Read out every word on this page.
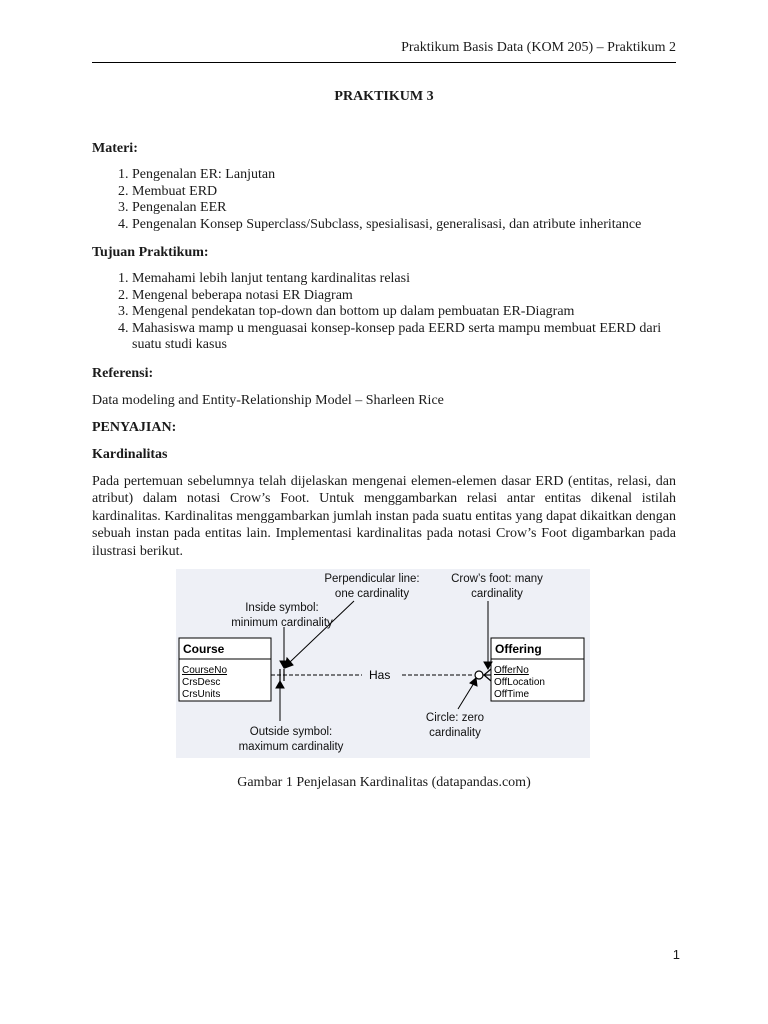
Praktikum Basis Data (KOM 205) – Praktikum 2
PRAKTIKUM 3
Materi:
1. Pengenalan ER: Lanjutan
2. Membuat ERD
3. Pengenalan EER
4. Pengenalan Konsep Superclass/Subclass, spesialisasi, generalisasi, dan atribute inheritance
Tujuan Praktikum:
1. Memahami lebih lanjut tentang kardinalitas relasi
2. Mengenal beberapa notasi ER Diagram
3. Mengenal pendekatan top-down dan bottom up dalam pembuatan ER-Diagram
4. Mahasiswa mamp u menguasai konsep-konsep pada EERD serta mampu membuat EERD dari suatu studi kasus
Referensi:

Data modeling and Entity-Relationship Model – Sharleen Rice

PENYAJIAN:
Kardinalitas

Pada pertemuan sebelumnya telah dijelaskan mengenai elemen-elemen dasar ERD (entitas, relasi, dan atribut) dalam notasi Crow’s Foot. Untuk menggambarkan relasi antar entitas dikenal istilah kardinalitas. Kardinalitas menggambarkan jumlah instan pada suatu entitas yang dapat dikaitkan dengan sebuah instan pada entitas lain. Implementasi kardinalitas pada notasi Crow’s Foot digambarkan pada ilustrasi berikut.

Course
CourseNo
CrsDesc
CrsUnits
Offering
OfferNo
OffLocation
OffTime
Has
Perpendicular line:
one cardinality
Crow’s foot: many
cardinality
Inside symbol:
minimum cardinality
Outside symbol:
maximum cardinality
Circle: zero
cardinality
Gambar 1 Penjelasan Kardinalitas (datapandas.com)
1
